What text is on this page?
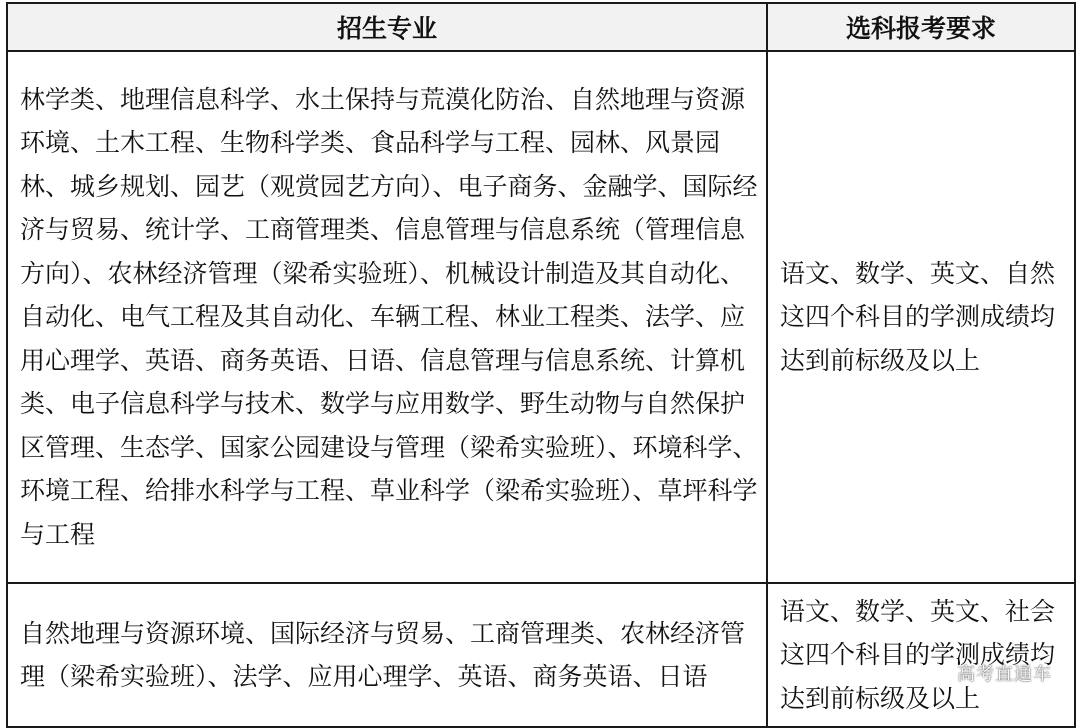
招生专业	选科报考要求
林学类、地理信息科学、水土保持与荒漠化防治、自然地理与资源环境、土木工程、生物科学类、食品科学与工程、园林、风景园林、城乡规划、园艺（观赏园艺方向）、电子商务、金融学、国际经济与贸易、统计学、工商管理类、信息管理与信息系统（管理信息方向）、农林经济管理（梁希实验班）、机械设计制造及其自动化、自动化、电气工程及其自动化、车辆工程、林业工程类、法学、应用心理学、英语、商务英语、日语、信息管理与信息系统、计算机类、电子信息科学与技术、数学与应用数学、野生动物与自然保护区管理、生态学、国家公园建设与管理（梁希实验班）、环境科学、环境工程、给排水科学与工程、草业科学（梁希实验班）、草坪科学与工程	语文、数学、英文、自然这四个科目的学测成绩均达到前标级及以上
自然地理与资源环境、国际经济与贸易、工商管理类、农林经济管理（梁希实验班）、法学、应用心理学、英语、商务英语、日语	语文、数学、英文、社会这四个科目的学测成绩均达到前标级及以上
高考直通车
